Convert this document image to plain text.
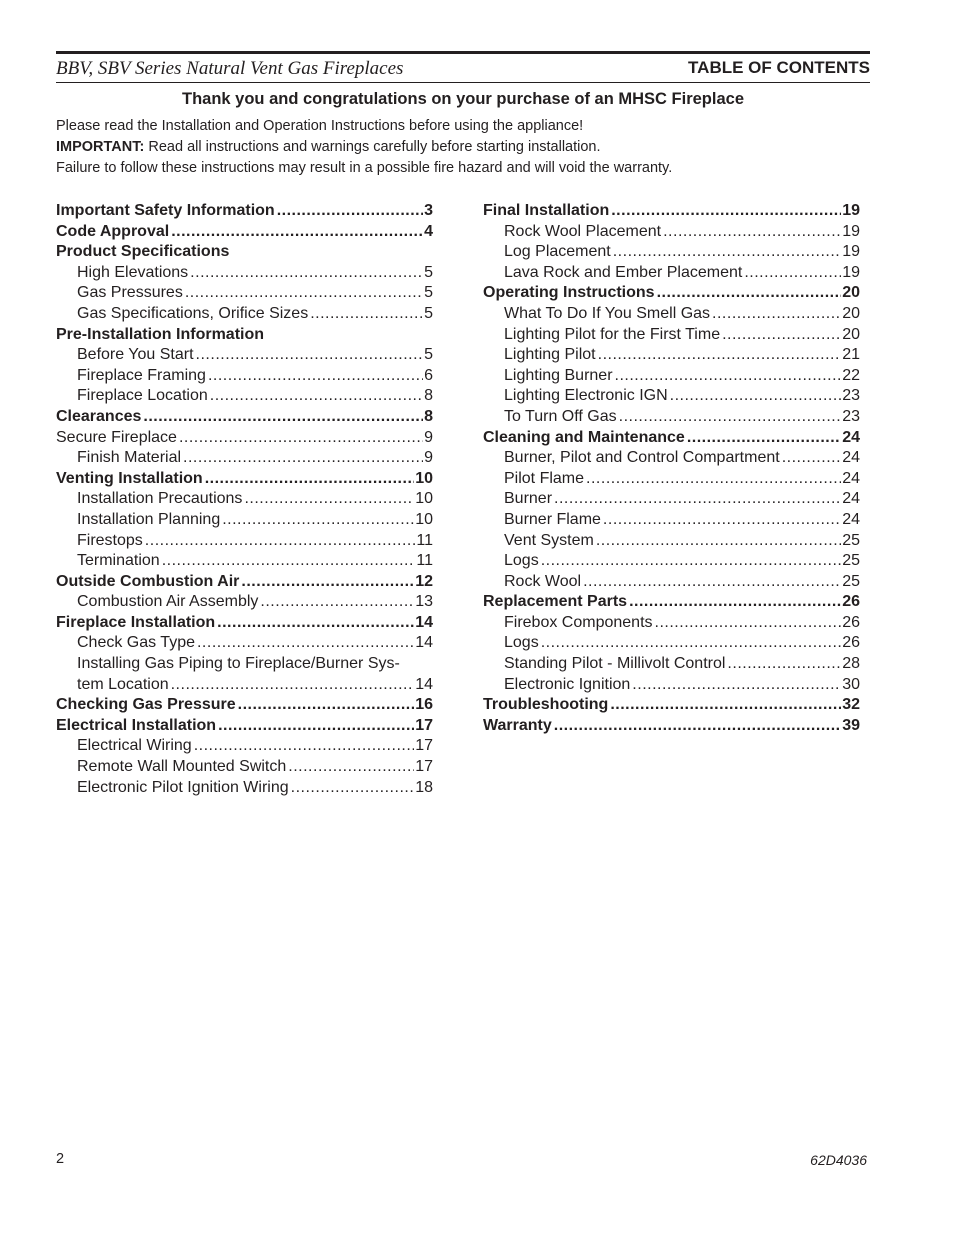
BBV, SBV Series Natural Vent Gas Fireplaces	TABLE OF CONTENTS
Thank you and congratulations on your purchase of an MHSC Fireplace

Please read the Installation and Operation Instructions before using the appliance!

IMPORTANT: Read all instructions and warnings carefully before starting installation.

Failure to follow these instructions may result in a possible fire hazard and will void the warranty.

Important Safety Information .....	3
Code Approval .....	4
Product Specifications
High Elevations .....	5
Gas Pressures .....	5
Gas Specifications, Orifice Sizes .....	5
Pre-Installation Information
Before You Start .....	5
Fireplace Framing .....	6
Fireplace Location .....	8
Clearances .....	8
Secure Fireplace .....	9
Finish Material .....	9
Venting Installation .....	10
Installation Precautions .....	10
Installation Planning .....	10
Firestops .....	11
Termination .....	11
Outside Combustion Air .....	12
Combustion Air Assembly .....	13
Fireplace Installation .....	14
Check Gas Type .....	14
Installing Gas Piping to Fireplace/Burner Sys-
tem Location .....	14
Checking Gas Pressure .....	16
Electrical Installation .....	17
Electrical Wiring .....	17
Remote Wall Mounted Switch .....	17
Electronic Pilot Ignition Wiring .....	18
Final Installation .....	19
Rock Wool Placement .....	19
Log Placement .....	19
Lava Rock and Ember Placement .....	19
Operating Instructions .....	20
What To Do If You Smell Gas .....	20
Lighting Pilot for the First Time .....	20
Lighting Pilot .....	21
Lighting Burner .....	22
Lighting Electronic IGN .....	23
To Turn Off Gas .....	23
Cleaning and Maintenance .....	24
Burner, Pilot and Control Compartment .....	24
Pilot Flame .....	24
Burner .....	24
Burner Flame .....	24
Vent System .....	25
Logs .....	25
Rock Wool .....	25
Replacement Parts .....	26
Firebox Components .....	26
Logs .....	26
Standing Pilot - Millivolt Control .....	28
Electronic Ignition .....	30
Troubleshooting .....	32
Warranty .....	39
2	62D4036
